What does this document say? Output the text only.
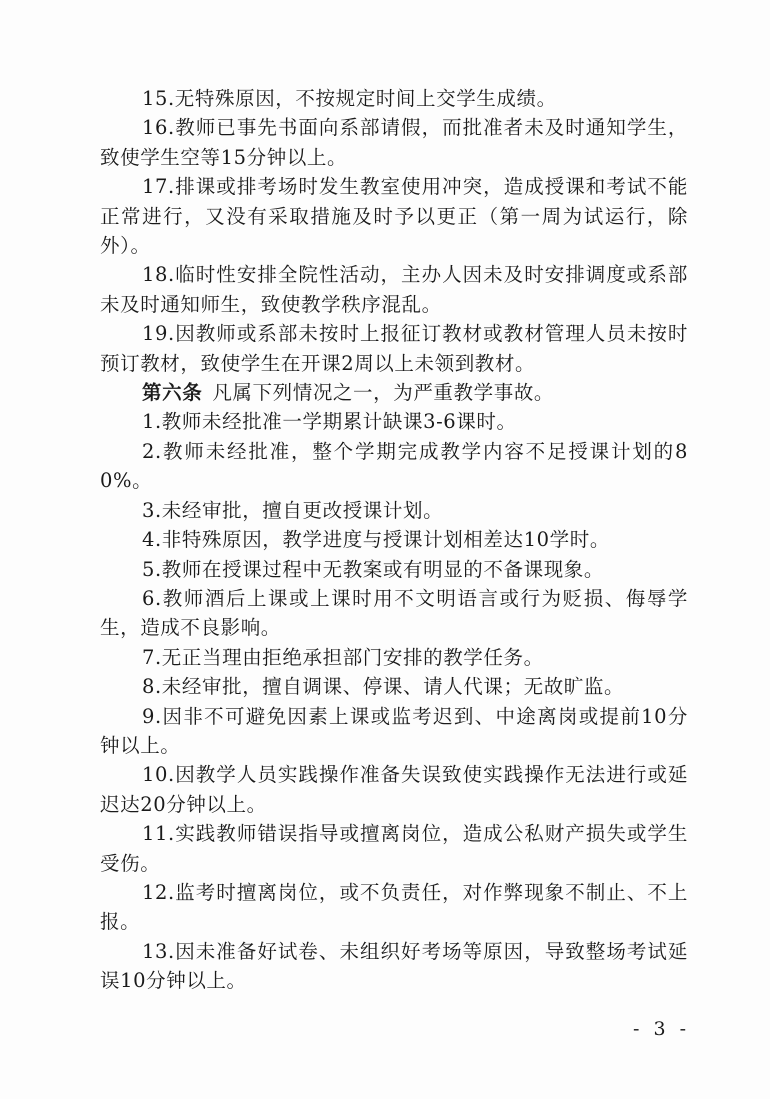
15.无特殊原因，不按规定时间上交学生成绩。

16.教师已事先书面向系部请假，而批准者未及时通知学生，致使学生空等15分钟以上。

17.排课或排考场时发生教室使用冲突，造成授课和考试不能正常进行，又没有采取措施及时予以更正（第一周为试运行，除外）。

18.临时性安排全院性活动，主办人因未及时安排调度或系部未及时通知师生，致使教学秩序混乱。

19.因教师或系部未按时上报征订教材或教材管理人员未按时预订教材，致使学生在开课2周以上未领到教材。

第六条 凡属下列情况之一，为严重教学事故。

1.教师未经批准一学期累计缺课3-6课时。

2.教师未经批准，整个学期完成教学内容不足授课计划的80%。

3.未经审批，擅自更改授课计划。

4.非特殊原因，教学进度与授课计划相差达10学时。

5.教师在授课过程中无教案或有明显的不备课现象。

6.教师酒后上课或上课时用不文明语言或行为贬损、侮辱学生，造成不良影响。

7.无正当理由拒绝承担部门安排的教学任务。

8.未经审批，擅自调课、停课、请人代课；无故旷监。

9.因非不可避免因素上课或监考迟到、中途离岗或提前10分钟以上。

10.因教学人员实践操作准备失误致使实践操作无法进行或延迟达20分钟以上。

11.实践教师错误指导或擅离岗位，造成公私财产损失或学生受伤。

12.监考时擅离岗位，或不负责任，对作弊现象不制止、不上报。

13.因未准备好试卷、未组织好考场等原因，导致整场考试延误10分钟以上。

- 3 -
